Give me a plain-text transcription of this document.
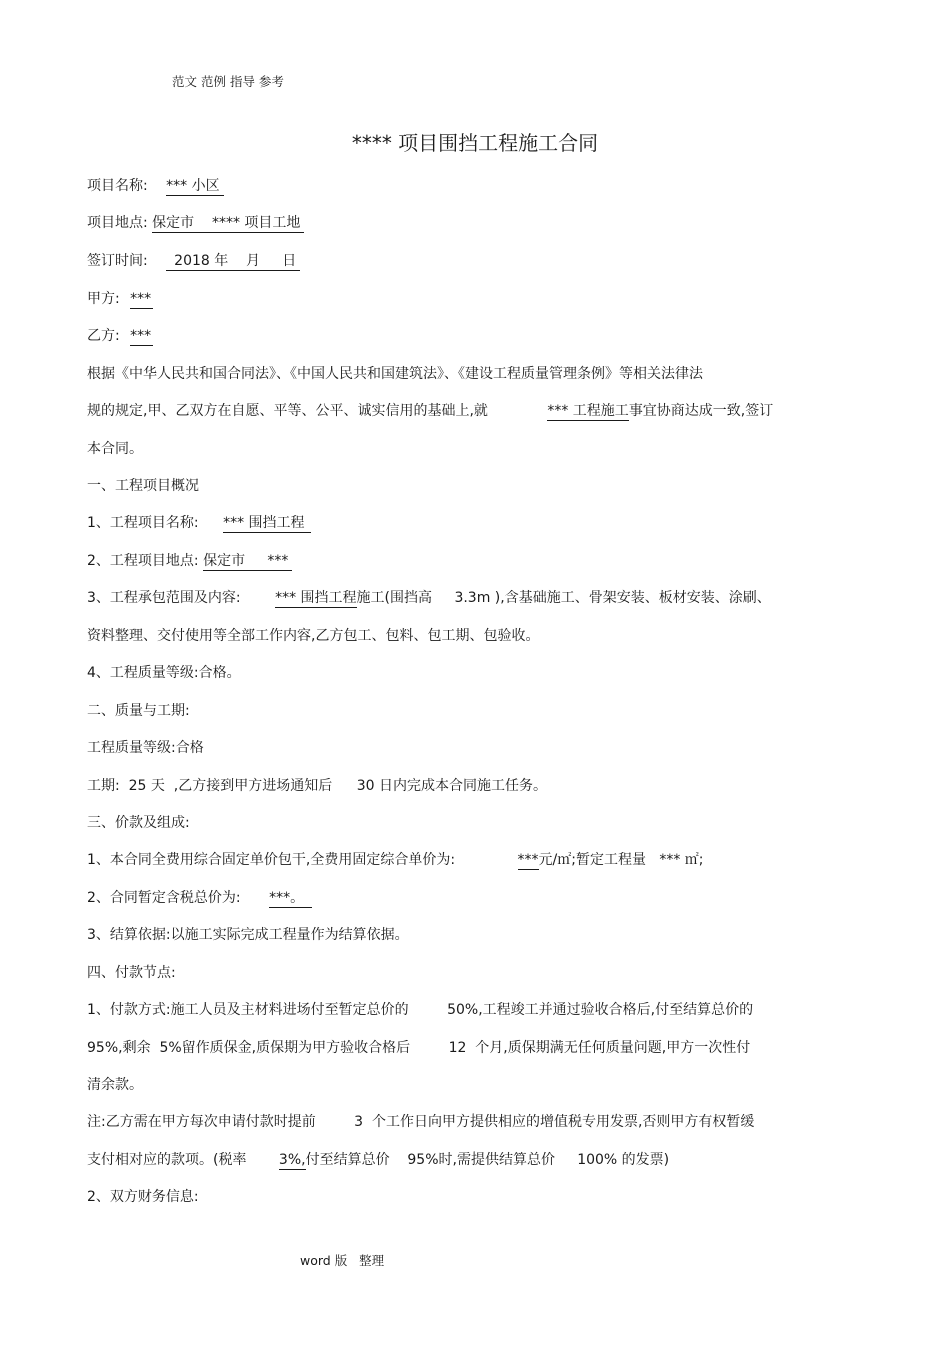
范文 范例 指导 参考
**** 项目围挡工程施工合同
项目名称: *** 小区
项目地点: 保定市    **** 项目工地
签订时间: 2018 年    月     日
甲方: ***
乙方: ***
根据《中华人民共和国合同法》、《中国人民共和国建筑法》、《建设工程质量管理条例》等相关法律法
规的规定,甲、乙双方在自愿、平等、公平、诚实信用的基础上,就	*** 工程施工事宜协商达成一致,签订
本合同。
一、工程项目概况
1、工程项目名称: *** 围挡工程
2、工程项目地点: 保定市     ***
3、工程承包范围及内容: *** 围挡工程施工(围挡高 3.3m ),含基础施工、骨架安装、板材安装、涂刷、
资料整理、交付使用等全部工作内容,乙方包工、包料、包工期、包验收。
4、工程质量等级:合格。
二、质量与工期:
工程质量等级:合格
工期:  25 天  ,乙方接到甲方进场通知后 30 日内完成本合同施工任务。
三、价款及组成:
1、本合同全费用综合固定单价包干,全费用固定综合单价为:	***元/㎡;暂定工程量   *** ㎡;
2、合同暂定含税总价为: ***。
3、结算依据:以施工实际完成工程量作为结算依据。
四、付款节点:
1、付款方式:施工人员及主材料进场付至暂定总价的	50%,工程竣工并通过验收合格后,付至结算总价的
95%,剩余  5%留作质保金,质保期为甲方验收合格后	12  个月,质保期满无任何质量问题,甲方一次性付
清余款。
注:乙方需在甲方每次申请付款时提前	3  个工作日向甲方提供相应的增值税专用发票,否则甲方有权暂缓
支付相对应的款项。(税率 3%,付至结算总价    95%时,需提供结算总价     100% 的发票)
2、双方财务信息:
word 版   整理
